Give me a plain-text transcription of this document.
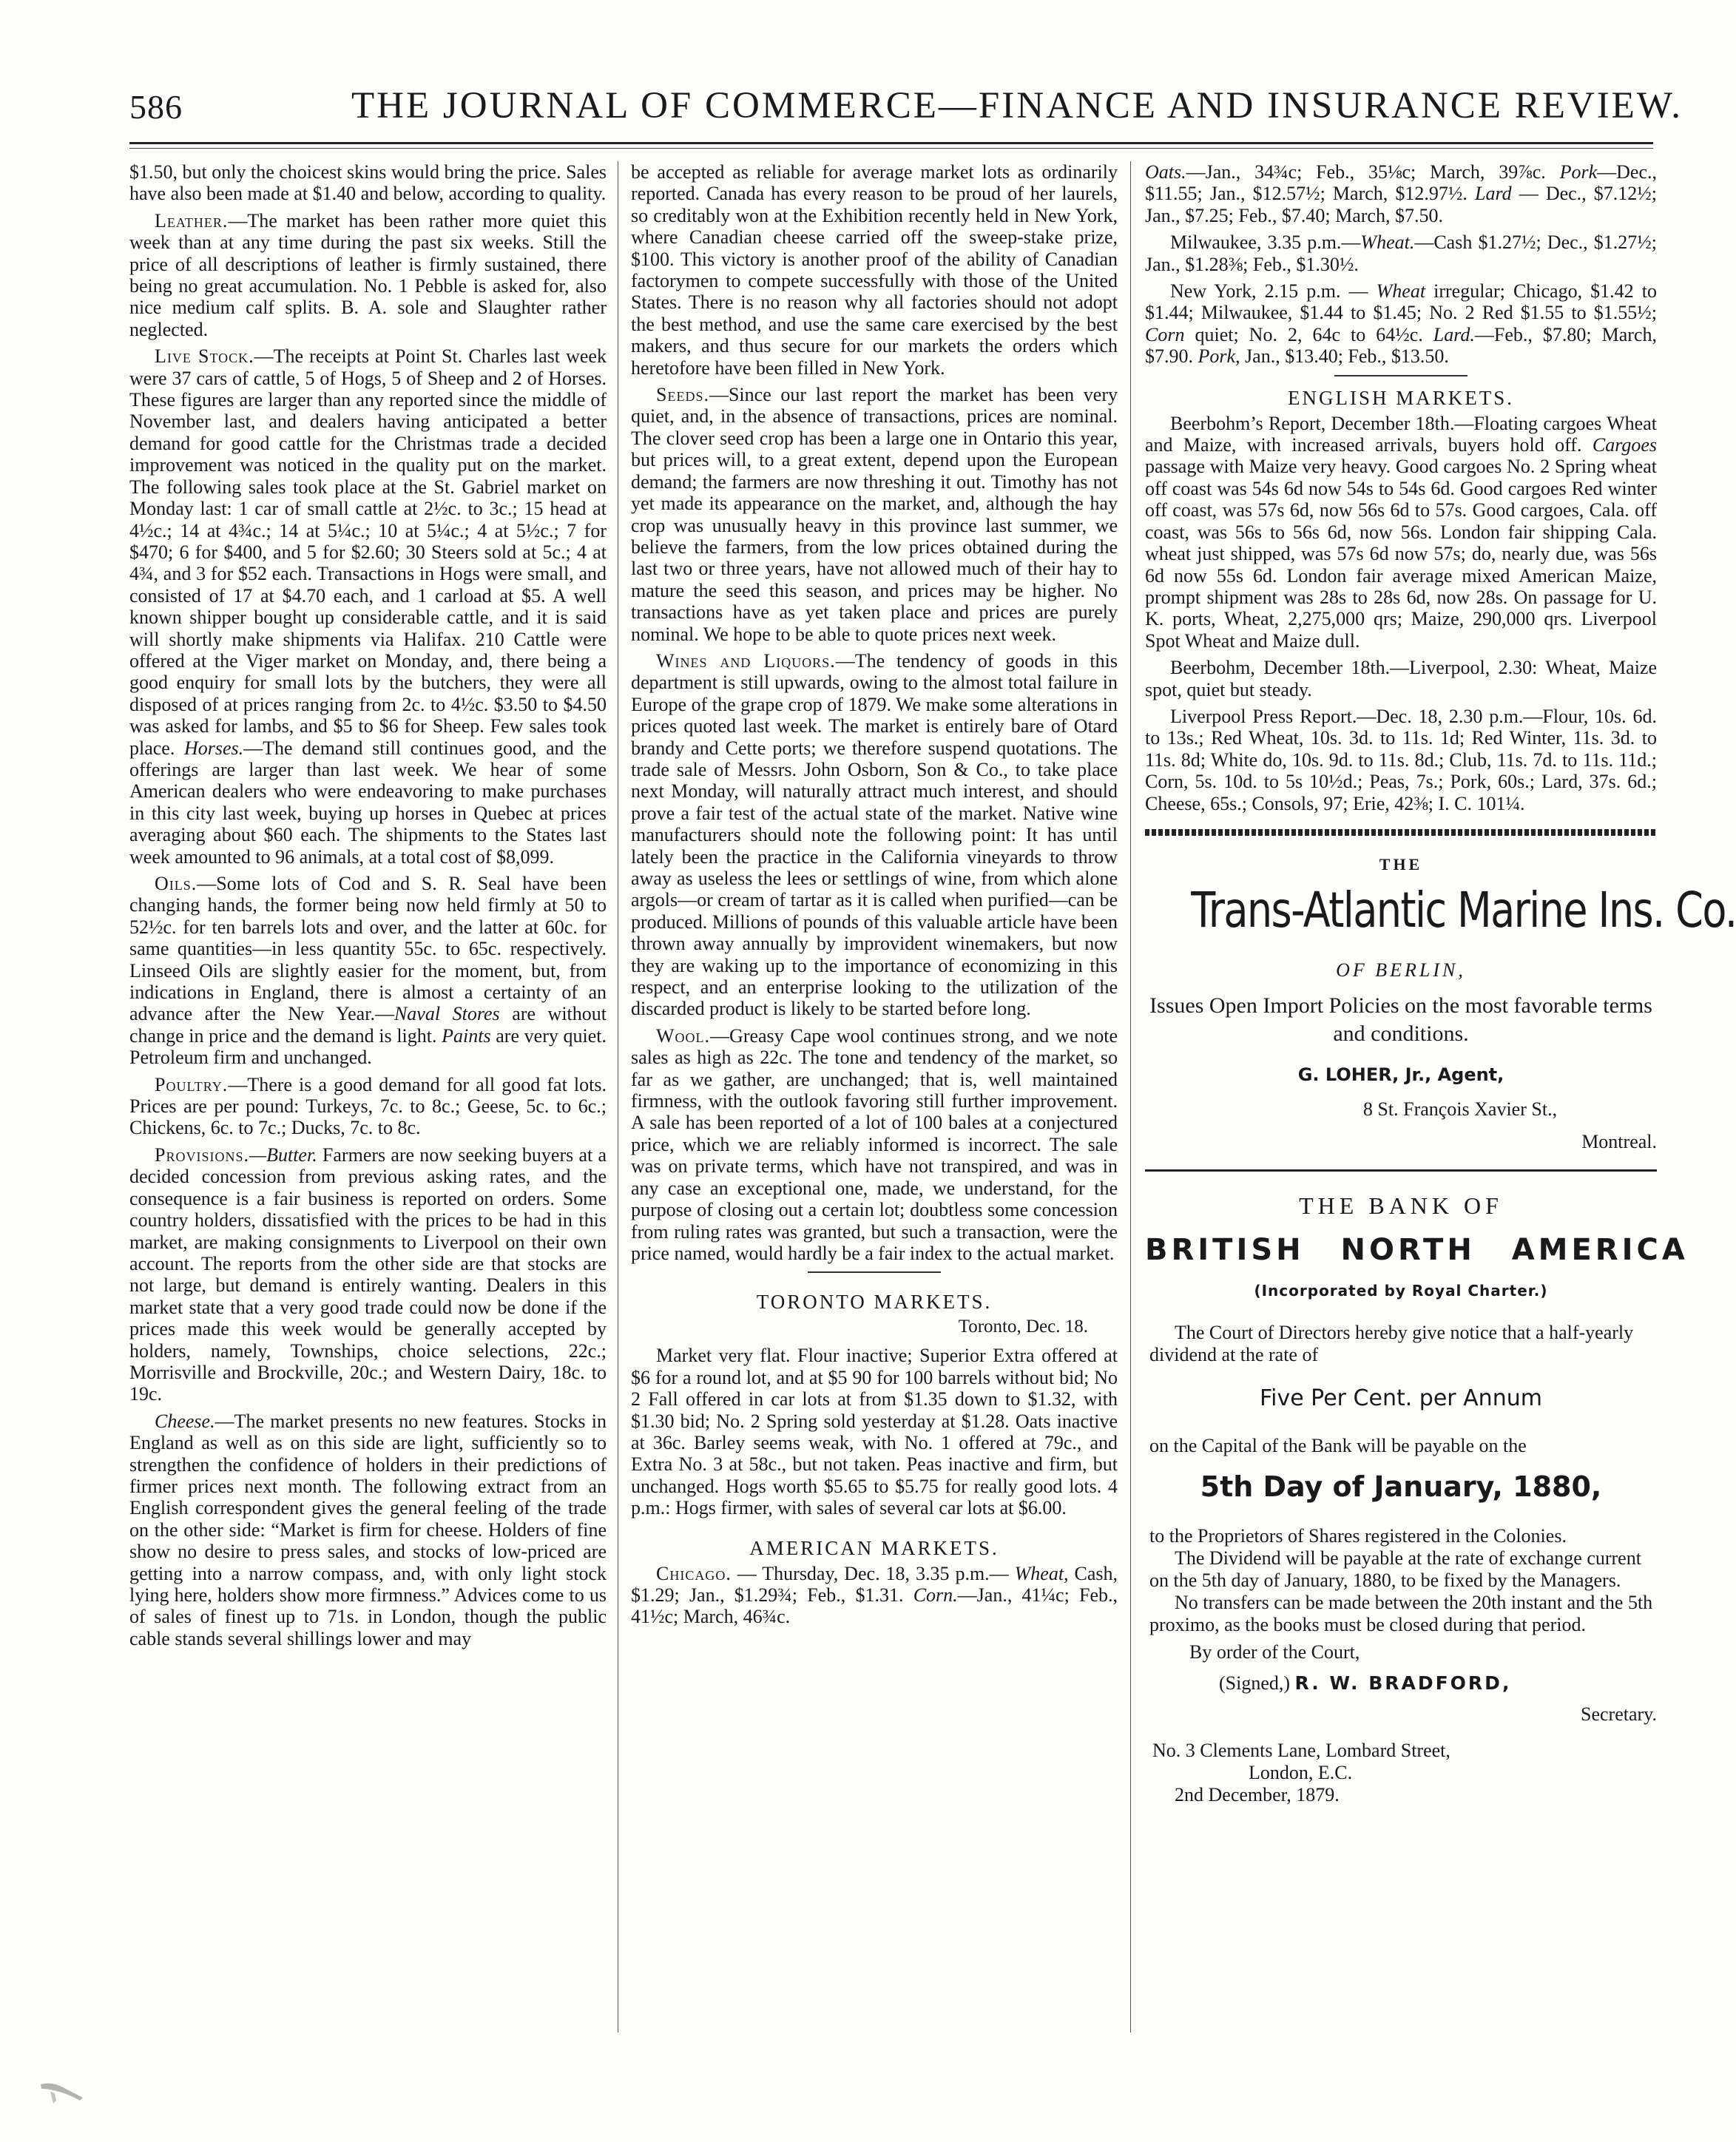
586	THE JOURNAL OF COMMERCE—FINANCE AND INSURANCE REVIEW.

$1.50, but only the choicest skins would bring the price. Sales have also been made at $1.40 and below, according to quality.

Leather.—The market has been rather more quiet this week than at any time during the past six weeks. Still the price of all descriptions of leather is firmly sustained, there being no great accumulation. No. 1 Pebble is asked for, also nice medium calf splits. B. A. sole and Slaughter rather neglected.

Live Stock.—The receipts at Point St. Charles last week were 37 cars of cattle, 5 of Hogs, 5 of Sheep and 2 of Horses. These figures are larger than any reported since the middle of November last, and dealers having anticipated a better demand for good cattle for the Christmas trade a decided improvement was noticed in the quality put on the market. The following sales took place at the St. Gabriel market on Monday last: 1 car of small cattle at 2½c. to 3c.; 15 head at 4½c.; 14 at 4¾c.; 14 at 5¼c.; 10 at 5¼c.; 4 at 5½c.; 7 for $470; 6 for $400, and 5 for $2.60; 30 Steers sold at 5c.; 4 at 4¾, and 3 for $52 each. Transactions in Hogs were small, and consisted of 17 at $4.70 each, and 1 carload at $5. A well known shipper bought up considerable cattle, and it is said will shortly make shipments via Halifax. 210 Cattle were offered at the Viger market on Monday, and, there being a good enquiry for small lots by the butchers, they were all disposed of at prices ranging from 2c. to 4½c. $3.50 to $4.50 was asked for lambs, and $5 to $6 for Sheep. Few sales took place. Horses.—The demand still continues good, and the offerings are larger than last week. We hear of some American dealers who were endeavoring to make purchases in this city last week, buying up horses in Quebec at prices averaging about $60 each. The shipments to the States last week amounted to 96 animals, at a total cost of $8,099.

Oils.—Some lots of Cod and S. R. Seal have been changing hands, the former being now held firmly at 50 to 52½c. for ten barrels lots and over, and the latter at 60c. for same quantities—in less quantity 55c. to 65c. respectively. Linseed Oils are slightly easier for the moment, but, from indications in England, there is almost a certainty of an advance after the New Year.—Naval Stores are without change in price and the demand is light. Paints are very quiet. Petroleum firm and unchanged.

Poultry.—There is a good demand for all good fat lots. Prices are per pound: Turkeys, 7c. to 8c.; Geese, 5c. to 6c.; Chickens, 6c. to 7c.; Ducks, 7c. to 8c.

Provisions.—Butter. Farmers are now seeking buyers at a decided concession from previous asking rates, and the consequence is a fair business is reported on orders. Some country holders, dissatisfied with the prices to be had in this market, are making consignments to Liverpool on their own account. The reports from the other side are that stocks are not large, but demand is entirely wanting. Dealers in this market state that a very good trade could now be done if the prices made this week would be generally accepted by holders, namely, Townships, choice selections, 22c.; Morrisville and Brockville, 20c.; and Western Dairy, 18c. to 19c.

Cheese.—The market presents no new features. Stocks in England as well as on this side are light, sufficiently so to strengthen the confidence of holders in their predictions of firmer prices next month. The following extract from an English correspondent gives the general feeling of the trade on the other side: “Market is firm for cheese. Holders of fine show no desire to press sales, and stocks of low-priced are getting into a narrow compass, and, with only light stock lying here, holders show more firmness.” Advices come to us of sales of finest up to 71s. in London, though the public cable stands several shillings lower and may

be accepted as reliable for average market lots as ordinarily reported. Canada has every reason to be proud of her laurels, so creditably won at the Exhibition recently held in New York, where Canadian cheese carried off the sweep-stake prize, $100. This victory is another proof of the ability of Canadian factorymen to compete successfully with those of the United States. There is no reason why all factories should not adopt the best method, and use the same care exercised by the best makers, and thus secure for our markets the orders which heretofore have been filled in New York.

Seeds.—Since our last report the market has been very quiet, and, in the absence of transactions, prices are nominal. The clover seed crop has been a large one in Ontario this year, but prices will, to a great extent, depend upon the European demand; the farmers are now threshing it out. Timothy has not yet made its appearance on the market, and, although the hay crop was unusually heavy in this province last summer, we believe the farmers, from the low prices obtained during the last two or three years, have not allowed much of their hay to mature the seed this season, and prices may be higher. No transactions have as yet taken place and prices are purely nominal. We hope to be able to quote prices next week.

Wines and Liquors.—The tendency of goods in this department is still upwards, owing to the almost total failure in Europe of the grape crop of 1879. We make some alterations in prices quoted last week. The market is entirely bare of Otard brandy and Cette ports; we therefore suspend quotations. The trade sale of Messrs. John Osborn, Son & Co., to take place next Monday, will naturally attract much interest, and should prove a fair test of the actual state of the market. Native wine manufacturers should note the following point: It has until lately been the practice in the California vineyards to throw away as useless the lees or settlings of wine, from which alone argols—or cream of tartar as it is called when purified—can be produced. Millions of pounds of this valuable article have been thrown away annually by improvident winemakers, but now they are waking up to the importance of economizing in this respect, and an enterprise looking to the utilization of the discarded product is likely to be started before long.

Wool.—Greasy Cape wool continues strong, and we note sales as high as 22c. The tone and tendency of the market, so far as we gather, are unchanged; that is, well maintained firmness, with the outlook favoring still further improvement. A sale has been reported of a lot of 100 bales at a conjectured price, which we are reliably informed is incorrect. The sale was on private terms, which have not transpired, and was in any case an exceptional one, made, we understand, for the purpose of closing out a certain lot; doubtless some concession from ruling rates was granted, but such a transaction, were the price named, would hardly be a fair index to the actual market.

TORONTO MARKETS.
Toronto, Dec. 18.

Market very flat. Flour inactive; Superior Extra offered at $6 for a round lot, and at $5 90 for 100 barrels without bid; No 2 Fall offered in car lots at from $1.35 down to $1.32, with $1.30 bid; No. 2 Spring sold yesterday at $1.28. Oats inactive at 36c. Barley seems weak, with No. 1 offered at 79c., and Extra No. 3 at 58c., but not taken. Peas inactive and firm, but unchanged. Hogs worth $5.65 to $5.75 for really good lots. 4 p.m.: Hogs firmer, with sales of several car lots at $6.00.

AMERICAN MARKETS.

Chicago. — Thursday, Dec. 18, 3.35 p.m.— Wheat, Cash, $1.29; Jan., $1.29¾; Feb., $1.31. Corn.—Jan., 41¼c; Feb., 41½c; March, 46¾c.

Oats.—Jan., 34¾c; Feb., 35⅛c; March, 39⅞c. Pork—Dec., $11.55; Jan., $12.57½; March, $12.97½. Lard — Dec., $7.12½; Jan., $7.25; Feb., $7.40; March, $7.50.

Milwaukee, 3.35 p.m.—Wheat.—Cash $1.27½; Dec., $1.27½; Jan., $1.28⅜; Feb., $1.30½.

New York, 2.15 p.m. — Wheat irregular; Chicago, $1.42 to $1.44; Milwaukee, $1.44 to $1.45; No. 2 Red $1.55 to $1.55½; Corn quiet; No. 2, 64c to 64½c. Lard.—Feb., $7.80; March, $7.90. Pork, Jan., $13.40; Feb., $13.50.

ENGLISH MARKETS.

Beerbohm’s Report, December 18th.—Floating cargoes Wheat and Maize, with increased arrivals, buyers hold off. Cargoes passage with Maize very heavy. Good cargoes No. 2 Spring wheat off coast was 54s 6d now 54s to 54s 6d. Good cargoes Red winter off coast, was 57s 6d, now 56s 6d to 57s. Good cargoes, Cala. off coast, was 56s to 56s 6d, now 56s. London fair shipping Cala. wheat just shipped, was 57s 6d now 57s; do, nearly due, was 56s 6d now 55s 6d. London fair average mixed American Maize, prompt shipment was 28s to 28s 6d, now 28s. On passage for U. K. ports, Wheat, 2,275,000 qrs; Maize, 290,000 qrs. Liverpool Spot Wheat and Maize dull.

Beerbohm, December 18th.—Liverpool, 2.30: Wheat, Maize spot, quiet but steady.

Liverpool Press Report.—Dec. 18, 2.30 p.m.—Flour, 10s. 6d. to 13s.; Red Wheat, 10s. 3d. to 11s. 1d; Red Winter, 11s. 3d. to 11s. 8d; White do, 10s. 9d. to 11s. 8d.; Club, 11s. 7d. to 11s. 11d.; Corn, 5s. 10d. to 5s 10½d.; Peas, 7s.; Pork, 60s.; Lard, 37s. 6d.; Cheese, 65s.; Consols, 97; Erie, 42⅜; I. C. 101¼.

THE
Trans-Atlantic Marine Ins. Co.
OF BERLIN,
Issues Open Import Policies on the most favorable terms and conditions.
G. LOHER, Jr., Agent,
8 St. François Xavier St.,
Montreal.
THE BANK OF
BRITISH NORTH AMERICA
(Incorporated by Royal Charter.)
The Court of Directors hereby give notice that a half-yearly dividend at the rate of
Five Per Cent. per Annum
on the Capital of the Bank will be payable on the
5th Day of January, 1880,
to the Proprietors of Shares registered in the Colonies.
The Dividend will be payable at the rate of exchange current on the 5th day of January, 1880, to be fixed by the Managers.
No transfers can be made between the 20th instant and the 5th proximo, as the books must be closed during that period.
By order of the Court,
(Signed,) R. W. BRADFORD,
Secretary.
No. 3 Clements Lane, Lombard Street,
London, E.C.
2nd December, 1879.
